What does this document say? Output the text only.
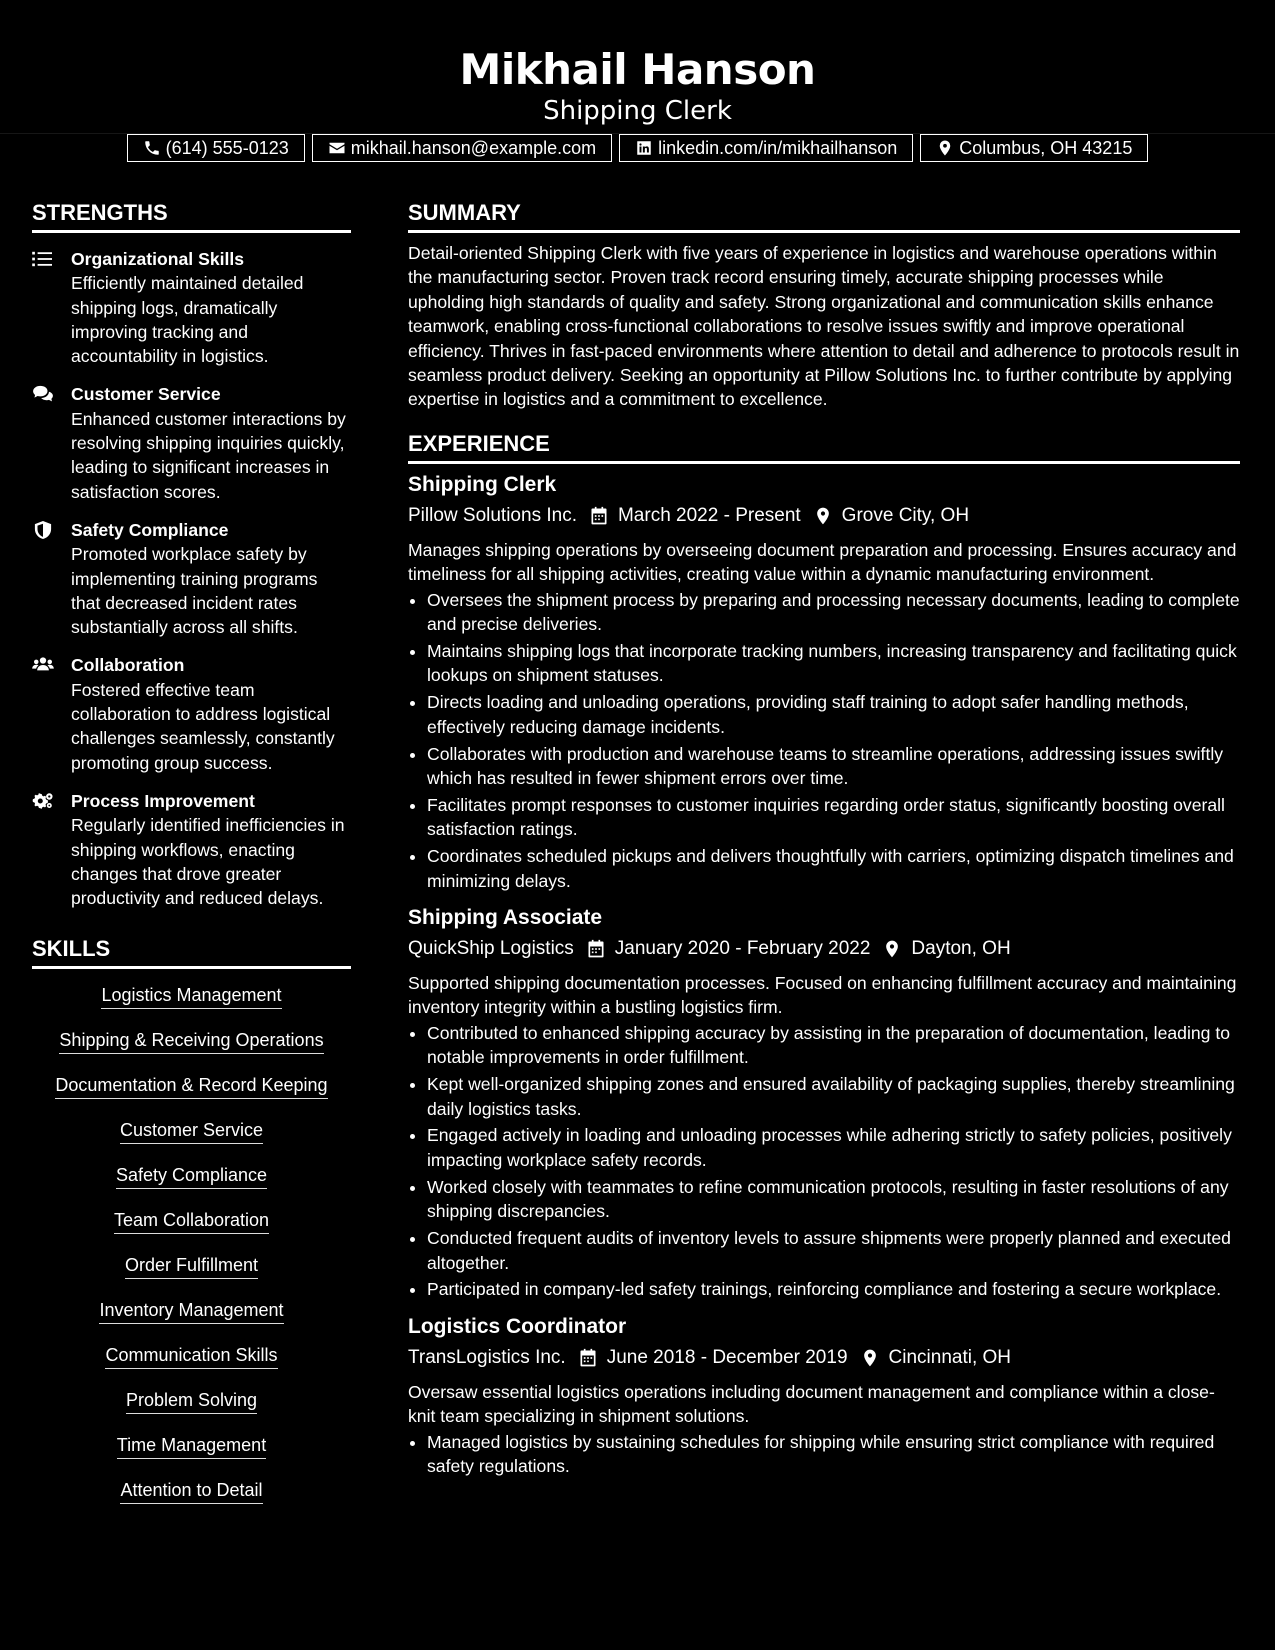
Mikhail Hanson
Shipping Clerk
(614) 555-0123	mikhail.hanson@example.com	linkedin.com/in/mikhailhanson	Columbus, OH 43215
STRENGTHS
Organizational Skills
Efficiently maintained detailed shipping logs, dramatically improving tracking and accountability in logistics.
Customer Service
Enhanced customer interactions by resolving shipping inquiries quickly, leading to significant increases in satisfaction scores.
Safety Compliance
Promoted workplace safety by implementing training programs that decreased incident rates substantially across all shifts.
Collaboration
Fostered effective team collaboration to address logistical challenges seamlessly, constantly promoting group success.
Process Improvement
Regularly identified inefficiencies in shipping workflows, enacting changes that drove greater productivity and reduced delays.
SKILLS
Logistics Management
Shipping & Receiving Operations
Documentation & Record Keeping
Customer Service
Safety Compliance
Team Collaboration
Order Fulfillment
Inventory Management
Communication Skills
Problem Solving
Time Management
Attention to Detail
SUMMARY
Detail-oriented Shipping Clerk with five years of experience in logistics and warehouse operations within the manufacturing sector. Proven track record ensuring timely, accurate shipping processes while upholding high standards of quality and safety. Strong organizational and communication skills enhance teamwork, enabling cross-functional collaborations to resolve issues swiftly and improve operational efficiency. Thrives in fast-paced environments where attention to detail and adherence to protocols result in seamless product delivery. Seeking an opportunity at Pillow Solutions Inc. to further contribute by applying expertise in logistics and a commitment to excellence.
EXPERIENCE
Shipping Clerk
Pillow Solutions Inc. March 2022 - Present Grove City, OH
Manages shipping operations by overseeing document preparation and processing. Ensures accuracy and timeliness for all shipping activities, creating value within a dynamic manufacturing environment.
• Oversees the shipment process by preparing and processing necessary documents, leading to complete and precise deliveries.
• Maintains shipping logs that incorporate tracking numbers, increasing transparency and facilitating quick lookups on shipment statuses.
• Directs loading and unloading operations, providing staff training to adopt safer handling methods, effectively reducing damage incidents.
• Collaborates with production and warehouse teams to streamline operations, addressing issues swiftly which has resulted in fewer shipment errors over time.
• Facilitates prompt responses to customer inquiries regarding order status, significantly boosting overall satisfaction ratings.
• Coordinates scheduled pickups and delivers thoughtfully with carriers, optimizing dispatch timelines and minimizing delays.
Shipping Associate
QuickShip Logistics January 2020 - February 2022 Dayton, OH
Supported shipping documentation processes. Focused on enhancing fulfillment accuracy and maintaining inventory integrity within a bustling logistics firm.
• Contributed to enhanced shipping accuracy by assisting in the preparation of documentation, leading to notable improvements in order fulfillment.
• Kept well-organized shipping zones and ensured availability of packaging supplies, thereby streamlining daily logistics tasks.
• Engaged actively in loading and unloading processes while adhering strictly to safety policies, positively impacting workplace safety records.
• Worked closely with teammates to refine communication protocols, resulting in faster resolutions of any shipping discrepancies.
• Conducted frequent audits of inventory levels to assure shipments were properly planned and executed altogether.
• Participated in company-led safety trainings, reinforcing compliance and fostering a secure workplace.
Logistics Coordinator
TransLogistics Inc. June 2018 - December 2019 Cincinnati, OH
Oversaw essential logistics operations including document management and compliance within a close-knit team specializing in shipment solutions.
• Managed logistics by sustaining schedules for shipping while ensuring strict compliance with required safety regulations.
